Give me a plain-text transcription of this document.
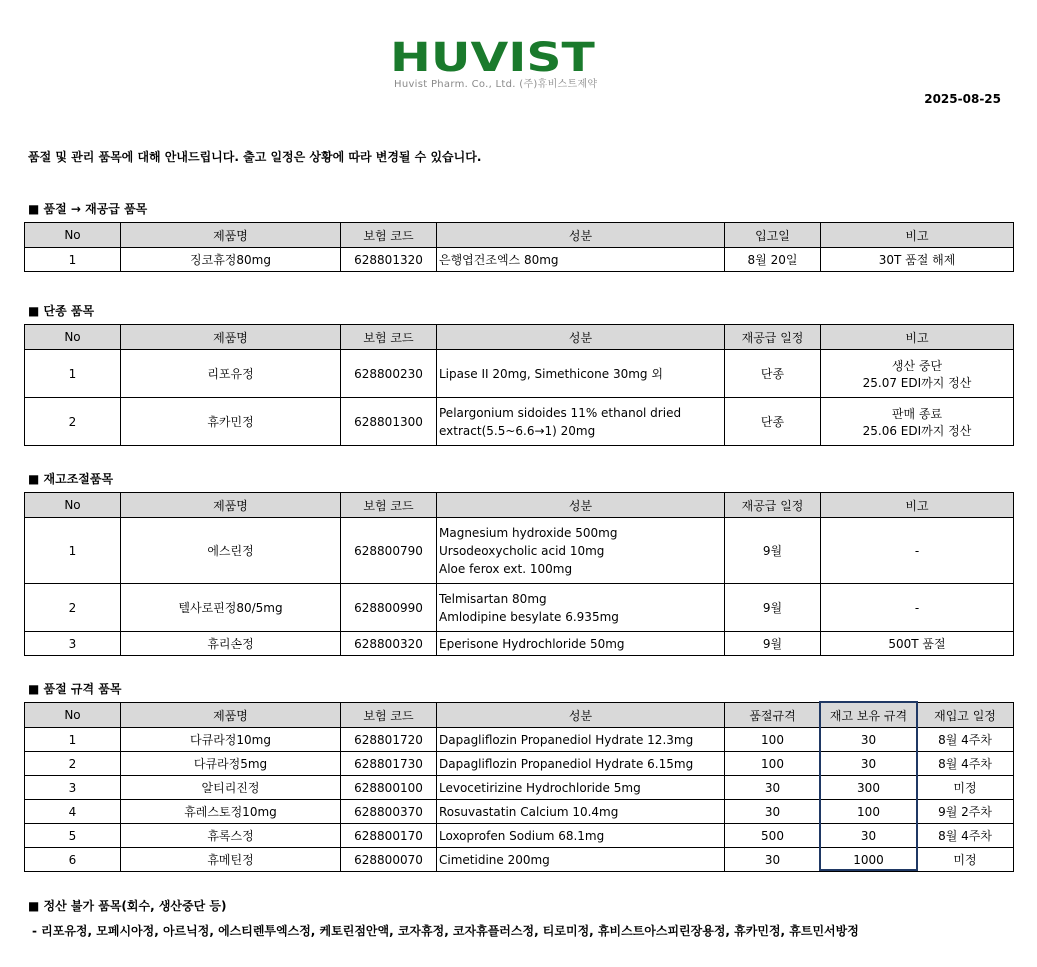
HUVIST
Huvist Pharm. Co., Ltd. (주)휴비스트제약
2025-08-25
품절 및 관리 품목에 대해 안내드립니다. 출고 일정은 상황에 따라 변경될 수 있습니다.
■ 품절 → 재공급 품목
No	제품명	보험 코드	성분	입고일	비고
1	징코휴정80mg	628801320	은행엽건조엑스 80mg	8월 20일	30T 품절 해제
■ 단종 품목
No	제품명	보험 코드	성분	재공급 일정	비고
1	리포유정	628800230	Lipase II 20mg, Simethicone 30mg 외	단종	생산 중단
25.07 EDI까지 정산

2	휴카민정	628801300	Pelargonium sidoides 11% ethanol dried
extract(5.5~6.6→1) 20mg	단종	판매 종료
25.06 EDI까지 정산
■ 재고조절품목
No	제품명	보험 코드	성분	재공급 일정	비고
1	에스린정	628800790	Magnesium hydroxide 500mg
Ursodeoxycholic acid 10mg
Aloe ferox ext. 100mg	9월	-

2	텔사로핀정80/5mg	628800990	Telmisartan 80mg
Amlodipine besylate 6.935mg	9월	-

3	휴리손정	628800320	Eperisone Hydrochloride 50mg	9월	500T 품절
■ 품절 규격 품목
No	제품명	보험 코드	성분	품절규격	재고 보유 규격	재입고 일정
1	다큐라정10mg	628801720	Dapagliflozin Propanediol Hydrate 12.3mg	100	30	8월 4주차
2	다큐라정5mg	628801730	Dapagliflozin Propanediol Hydrate 6.15mg	100	30	8월 4주차
3	알티리진정	628800100	Levocetirizine Hydrochloride 5mg	30	300	미정
4	휴레스토정10mg	628800370	Rosuvastatin Calcium 10.4mg	30	100	9월 2주차
5	휴록스정	628800170	Loxoprofen Sodium 68.1mg	500	30	8월 4주차
6	휴메틴정	628800070	Cimetidine 200mg	30	1000	미정
■ 정산 불가 품목(회수, 생산중단 등)
- 리포유정, 모페시아정, 아르닉정, 에스티렌투엑스정, 케토린점안액, 코자휴정, 코자휴플러스정, 티로미정, 휴비스트아스피린장용정, 휴카민정, 휴트민서방정
